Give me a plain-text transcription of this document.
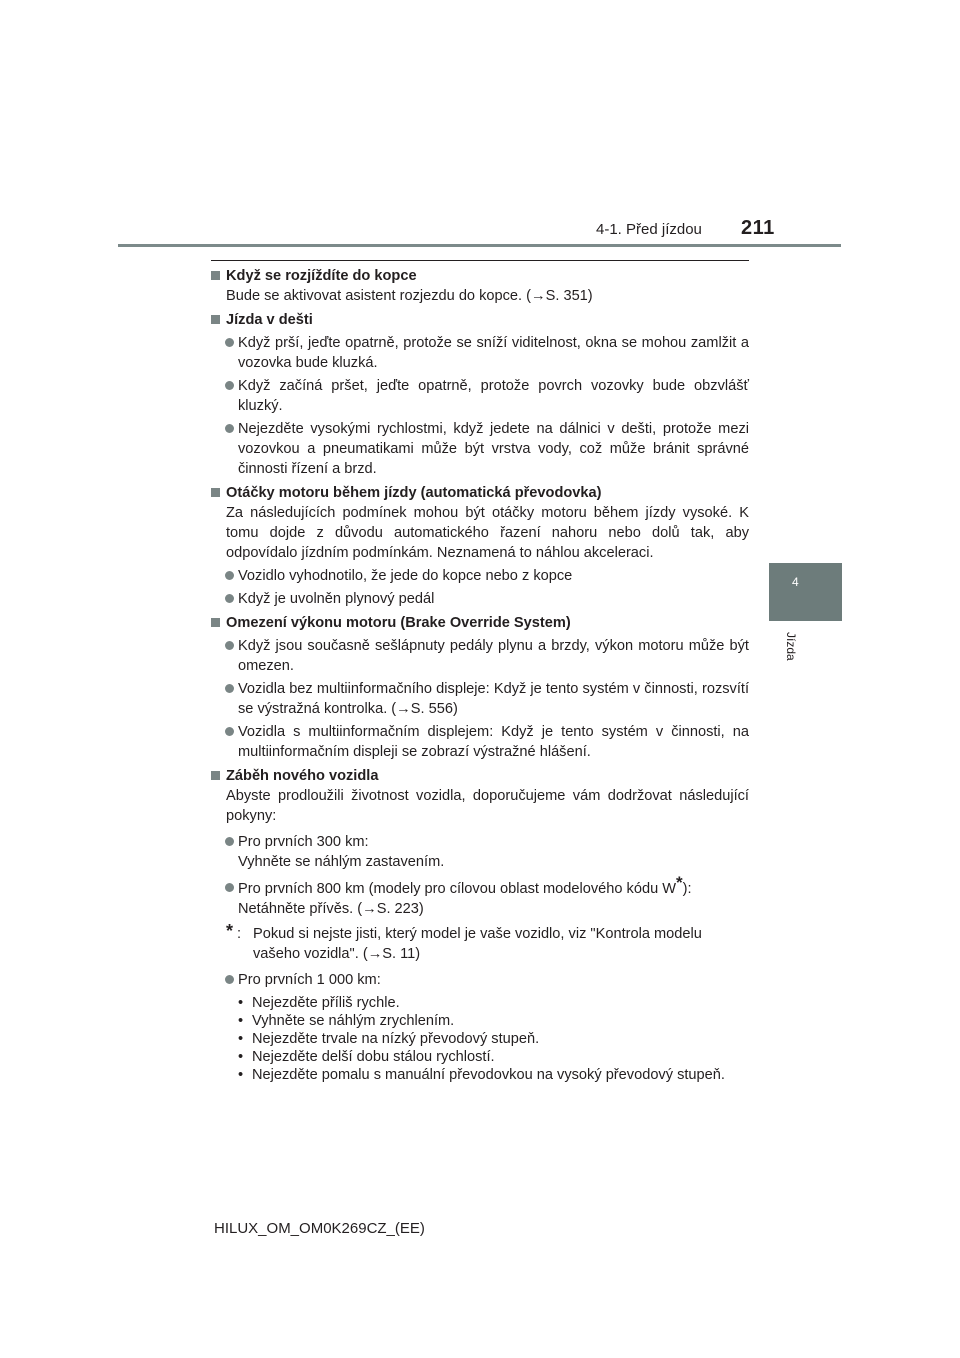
4-1. Před jízdou 211
4
Jízda
Když se rozjíždíte do kopce
Bude se aktivovat asistent rozjezdu do kopce. (→S. 351)
Jízda v dešti
Když prší, jeďte opatrně, protože se sníží viditelnost, okna se mohou zamlžit a vozovka bude kluzká.
Když začíná pršet, jeďte opatrně, protože povrch vozovky bude obzvlášť kluzký.
Nejezděte vysokými rychlostmi, když jedete na dálnici v dešti, protože mezi vozovkou a pneumatikami může být vrstva vody, což může bránit správné činnosti řízení a brzd.
Otáčky motoru během jízdy (automatická převodovka)
Za následujících podmínek mohou být otáčky motoru během jízdy vysoké. K tomu dojde z důvodu automatického řazení nahoru nebo dolů tak, aby odpovídalo jízdním podmínkám. Neznamená to náhlou akceleraci.
Vozidlo vyhodnotilo, že jede do kopce nebo z kopce
Když je uvolněn plynový pedál
Omezení výkonu motoru (Brake Override System)
Když jsou současně sešlápnuty pedály plynu a brzdy, výkon motoru může být omezen.
Vozidla bez multiinformačního displeje: Když je tento systém v činnosti, rozsvítí se výstražná kontrolka. (→S. 556)
Vozidla s multiinformačním displejem: Když je tento systém v činnosti, na multiinformačním displeji se zobrazí výstražné hlášení.
Záběh nového vozidla
Abyste prodloužili životnost vozidla, doporučujeme vám dodržovat následující pokyny:
Pro prvních 300 km:
Vyhněte se náhlým zastavením.
Pro prvních 800 km (modely pro cílovou oblast modelového kódu W*):
Netáhněte přívěs. (→S. 223)
* : Pokud si nejste jisti, který model je vaše vozidlo, viz "Kontrola modelu vašeho vozidla". (→S. 11)
Pro prvních 1 000 km:
• Nejezděte příliš rychle.
• Vyhněte se náhlým zrychlením.
• Nejezděte trvale na nízký převodový stupeň.
• Nejezděte delší dobu stálou rychlostí.
• Nejezděte pomalu s manuální převodovkou na vysoký převodový stupeň.
HILUX_OM_OM0K269CZ_(EE)
